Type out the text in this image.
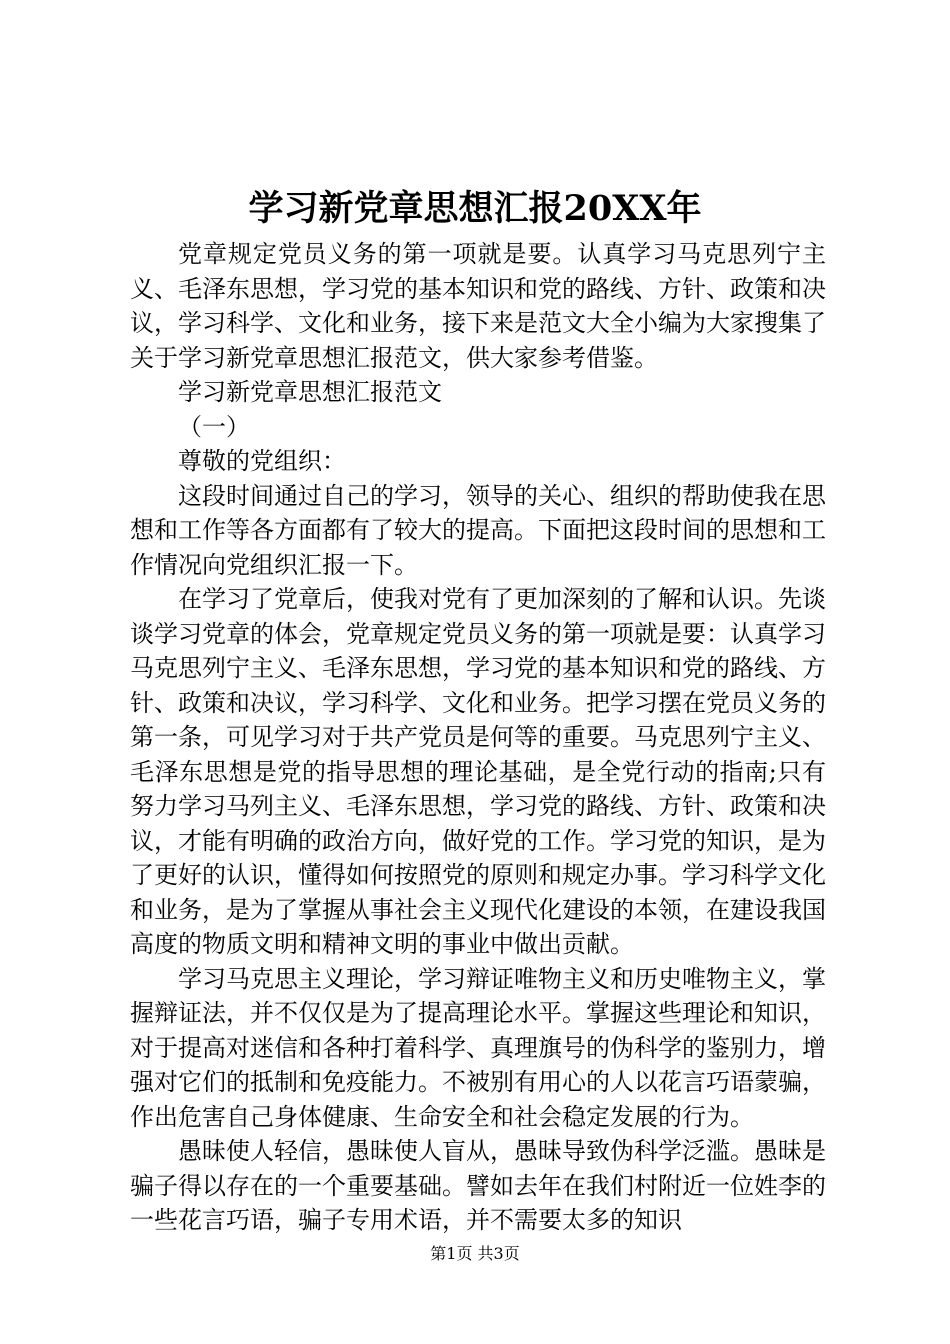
学习新党章思想汇报20XX年

党章规定党员义务的第一项就是要。认真学习马克思列宁主义、毛泽东思想，学习党的基本知识和党的路线、方针、政策和决议，学习科学、文化和业务，接下来是范文大全小编为大家搜集了关于学习新党章思想汇报范文，供大家参考借鉴。

学习新党章思想汇报范文

（一）

尊敬的党组织：

这段时间通过自己的学习，领导的关心、组织的帮助使我在思想和工作等各方面都有了较大的提高。下面把这段时间的思想和工作情况向党组织汇报一下。

在学习了党章后，使我对党有了更加深刻的了解和认识。先谈谈学习党章的体会，党章规定党员义务的第一项就是要：认真学习马克思列宁主义、毛泽东思想，学习党的基本知识和党的路线、方针、政策和决议，学习科学、文化和业务。把学习摆在党员义务的第一条，可见学习对于共产党员是何等的重要。马克思列宁主义、毛泽东思想是党的指导思想的理论基础，是全党行动的指南;只有努力学习马列主义、毛泽东思想，学习党的路线、方针、政策和决议，才能有明确的政治方向，做好党的工作。学习党的知识，是为了更好的认识，懂得如何按照党的原则和规定办事。学习科学文化和业务，是为了掌握从事社会主义现代化建设的本领，在建设我国高度的物质文明和精神文明的事业中做出贡献。

学习马克思主义理论，学习辩证唯物主义和历史唯物主义，掌握辩证法，并不仅仅是为了提高理论水平。掌握这些理论和知识，对于提高对迷信和各种打着科学、真理旗号的伪科学的鉴别力，增强对它们的抵制和免疫能力。不被别有用心的人以花言巧语蒙骗，作出危害自己身体健康、生命安全和社会稳定发展的行为。

愚昧使人轻信，愚昧使人盲从，愚昧导致伪科学泛滥。愚昧是骗子得以存在的一个重要基础。譬如去年在我们村附近一位姓李的一些花言巧语，骗子专用术语，并不需要太多的知识

第1页 共3页
